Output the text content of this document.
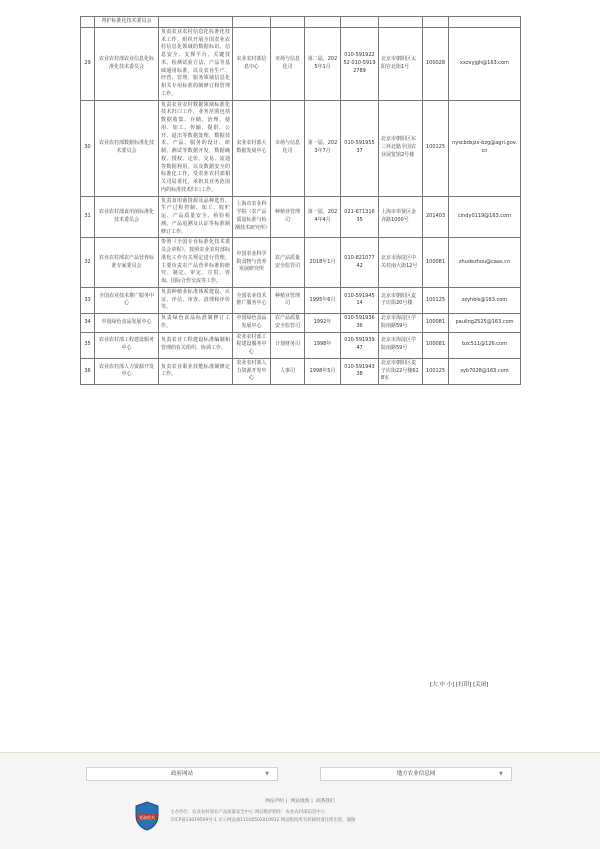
	肾护标准化技术委员会								
29	农业农村部农业信息化标准化技术委员会	负责农业农村信息化标准化技术工作，组织开展全国农业农村信息化领域的数据标识、信息安全、支撑平台、关键技术、检测试验方法、产品等基础通用标准，以及农业生产、经营、管理、服务领域信息化相关专用标准的制修订和管理工作。	农业农村部信息中心	市场与信息化司	第二届，2025年1月	010-59192252 010-59192789	北京市朝阳区太阳宫北街1号	100028	xxzxyjgh@163.com
30	农业农村部数据标准化技术委员会	负责农业农村数据领域标准化技术归口工作，业务范围包括数据收集、存储、治理、使用、加工、传输、提供、公开、退出等数据处理，数据技术、产品、服务的设计、研制、测试等数据开发，数据确权、授权、定价、交易、流通等数据利用，以及数据安全的标准化工作。受农业农村部相关司局委托，承担其业务范围内的标准技术归口工作。	农业农村部大数据发展中心	市场与信息化司	第一届，2023年7月	010-59195537	北京市朝阳区东三环北路全国农业展览馆2号楼	100125	nyscbdsjzx-bzg@agri.gov.cn
31	农业农村部食用菌标准化技术委员会	负责食用菌资源及品种选育、生产过程控制、加工、收贮运、产品质量安全、检验检测、产品追溯及认证等标准制修订工作。	上海市农业科学院（农产品质量标准与检测技术研究所）	种植业管理司	第一届，2024年4月	021-67131635	上海市奉贤区金齐路1000号	201403	cindy0119@163.com
32	农业农村部农产品营养标准专家委员会	参照《全国专业标准化技术委员会章程》，按照农业农村部标准化工作有关规定进行管理，主要负责农产品营养标准的研究、制定、审定、宣贯、咨询、国际合作交流等工作。	中国农业科学院食物与营养发展研究所	农产品质量安全监管司	2018年1月	010-82107742	北京市海淀区中关村南大街12号	100081	zhudezhou@caas.cn
33	全国农业技术推广服务中心	负责种植业标准体系建设、认证、评估、审查、清理和评价等。	全国农业技术推广服务中心	种植业管理司	1995年6月	010-59194514	北京市朝阳区麦子店街20号楼	100125	zzyhbls@163.com
34	中国绿色食品发展中心	负责绿色食品标准制修订工作。	中国绿色食品发展中心	农产品质量安全监管司	1992年	010-59193636	北京市海淀区学院南路59号	100081	pauling2525@163.com
35	农业农村部工程建设服务中心	负责农业工程建设标准编制和管理的有关组织、协调工作。	农业农村部工程建设服务中心	计划财务司	1998年	010-59193947	北京市海淀区学院南路59号	100081	bzc511@126.com
36	农业农村部人力资源开发中心	负责农业职业技能标准制修定工作。	农业农村部人力资源开发中心	人事司	1998年5月	010-59194338	北京市朝阳区麦子店街22号楼618室	100125	syb7028@163.com
[大 中 小] [打印] [关闭]
政府网站	▼	地方农业信息网	▼
网站声明 | 网站地图 | 联系我们
党政机关
主办单位：农业农村部农产品质量安全中心 网站维护制作：农业农村部信息中心
京ICP备13019509号-1 京公网安备11010502010932 网站版权所有转载时请注明出处，谢谢
